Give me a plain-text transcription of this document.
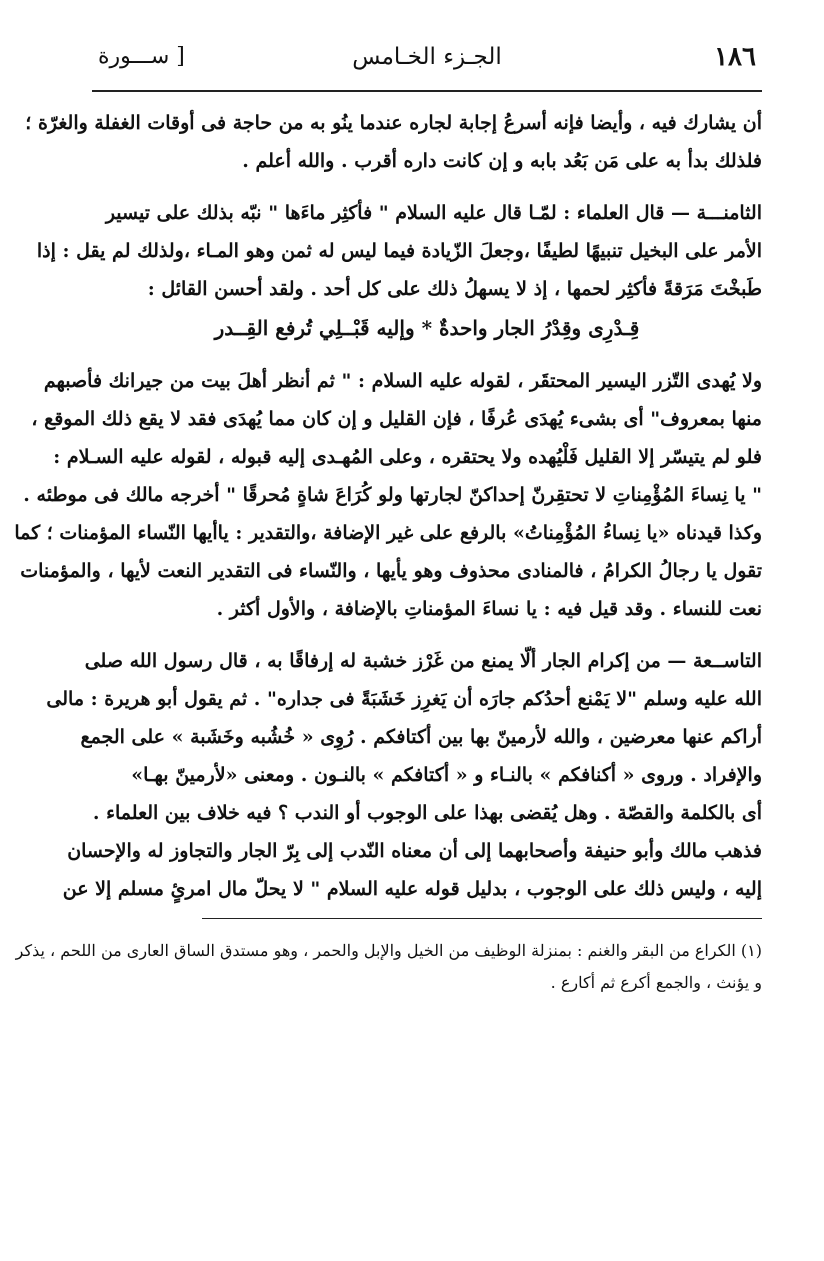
١٨٦
الجـزء الخـامس
[ ســـورة

أن يشارك فيه ، وأيضا فإنه أسرعُ إجابة لجاره عندما ينُو به من حاجة فى أوقات الغفلة والغرّة ؛
فلذلك بدأ به على مَن بَعُد بابه و إن كانت داره أقرب . والله أعلم .

الثامنـــة — قال العلماء : لمّـا قال عليه السلام " فأكثِر ماءَها " نبّه بذلك على تيسير
الأمر على البخيل تنبيهًا لطيفًا ،وجعلَ الزّيادة فيما ليس له ثمن وهو المـاء ،ولذلك لم يقل : إذا
طَبخْتَ مَرَقةً فأكثِر لحمها ، إذ لا يسهلُ ذلك على كل أحد . ولقد أحسن القائل :

قِـدْرِى وقِدْرُ الجار واحدةٌ * وإليه قَبْــلِي تُرفع القِــدر

ولا يُهدى التّزر اليسير المحتقَر ، لقوله عليه السلام : " ثم أنظر أهلَ بيت من جيرانك فأصبهم
منها بمعروف" أى بشىء يُهدَى عُرفًا ، فإن القليل و إن كان مما يُهدَى فقد لا يقع ذلك الموقع ،
فلو لم يتيسّر إلا القليل فَلْيُهده ولا يحتقره ، وعلى المُهـدى إليه قبوله ، لقوله عليه السـلام :
" يا نِساءَ المُؤْمِناتِ لا تحتقِرنّ إحداكنّ لجارتها ولو كُرَاعَ شاةٍ مُحرقًا " أخرجه مالك فى موطئه .
وكذا قيدناه «يا نِساءُ المُؤْمِناتُ» بالرفع على غير الإضافة ،والتقدير : ياأيها النّساء المؤمنات ؛ كما
تقول يا رجالُ الكرامُ ، فالمنادى محذوف وهو يأيها ، والنّساء فى التقدير النعت لأيها ، والمؤمنات
نعت للنساء . وقد قيل فيه : يا نساءَ المؤمناتِ بالإضافة ، والأول أكثر .

التاســعة — من إكرام الجار ألّا يمنع من غَرْز خشبة له إرفاقًا به ، قال رسول الله صلى
الله عليه وسلم "لا يَمْنع أحدُكم جارَه أن يَغرِز خَشَبَةً فى جداره" . ثم يقول أبو هريرة : مالى
أراكم عنها معرضين ، والله لأرمينّ بها بين أكتافكم . رُوِى « خُشُبه وخَشَبة » على الجمع
والإفراد . وروى « أكنافكم » بالنـاء و « أكتافكم » بالنـون . ومعنى «لأرمينّ بهـا»
أى بالكلمة والقصّة . وهل يُقضى بهذا على الوجوب أو الندب ؟ فيه خلاف بين العلماء .
فذهب مالك وأبو حنيفة وأصحابهما إلى أن معناه النّدب إلى بِرّ الجار والتجاوز له والإحسان
إليه ، وليس ذلك على الوجوب ، بدليل قوله عليه السلام " لا يحلّ مال امرئٍ مسلم إلا عن

(١) الكراع من البقر والغنم : بمنزلة الوظيف من الخيل والإبل والحمر ، وهو مستدق الساق العارى من اللحم ، يذكر
و يؤنث ، والجمع أكرع ثم أكارع .
